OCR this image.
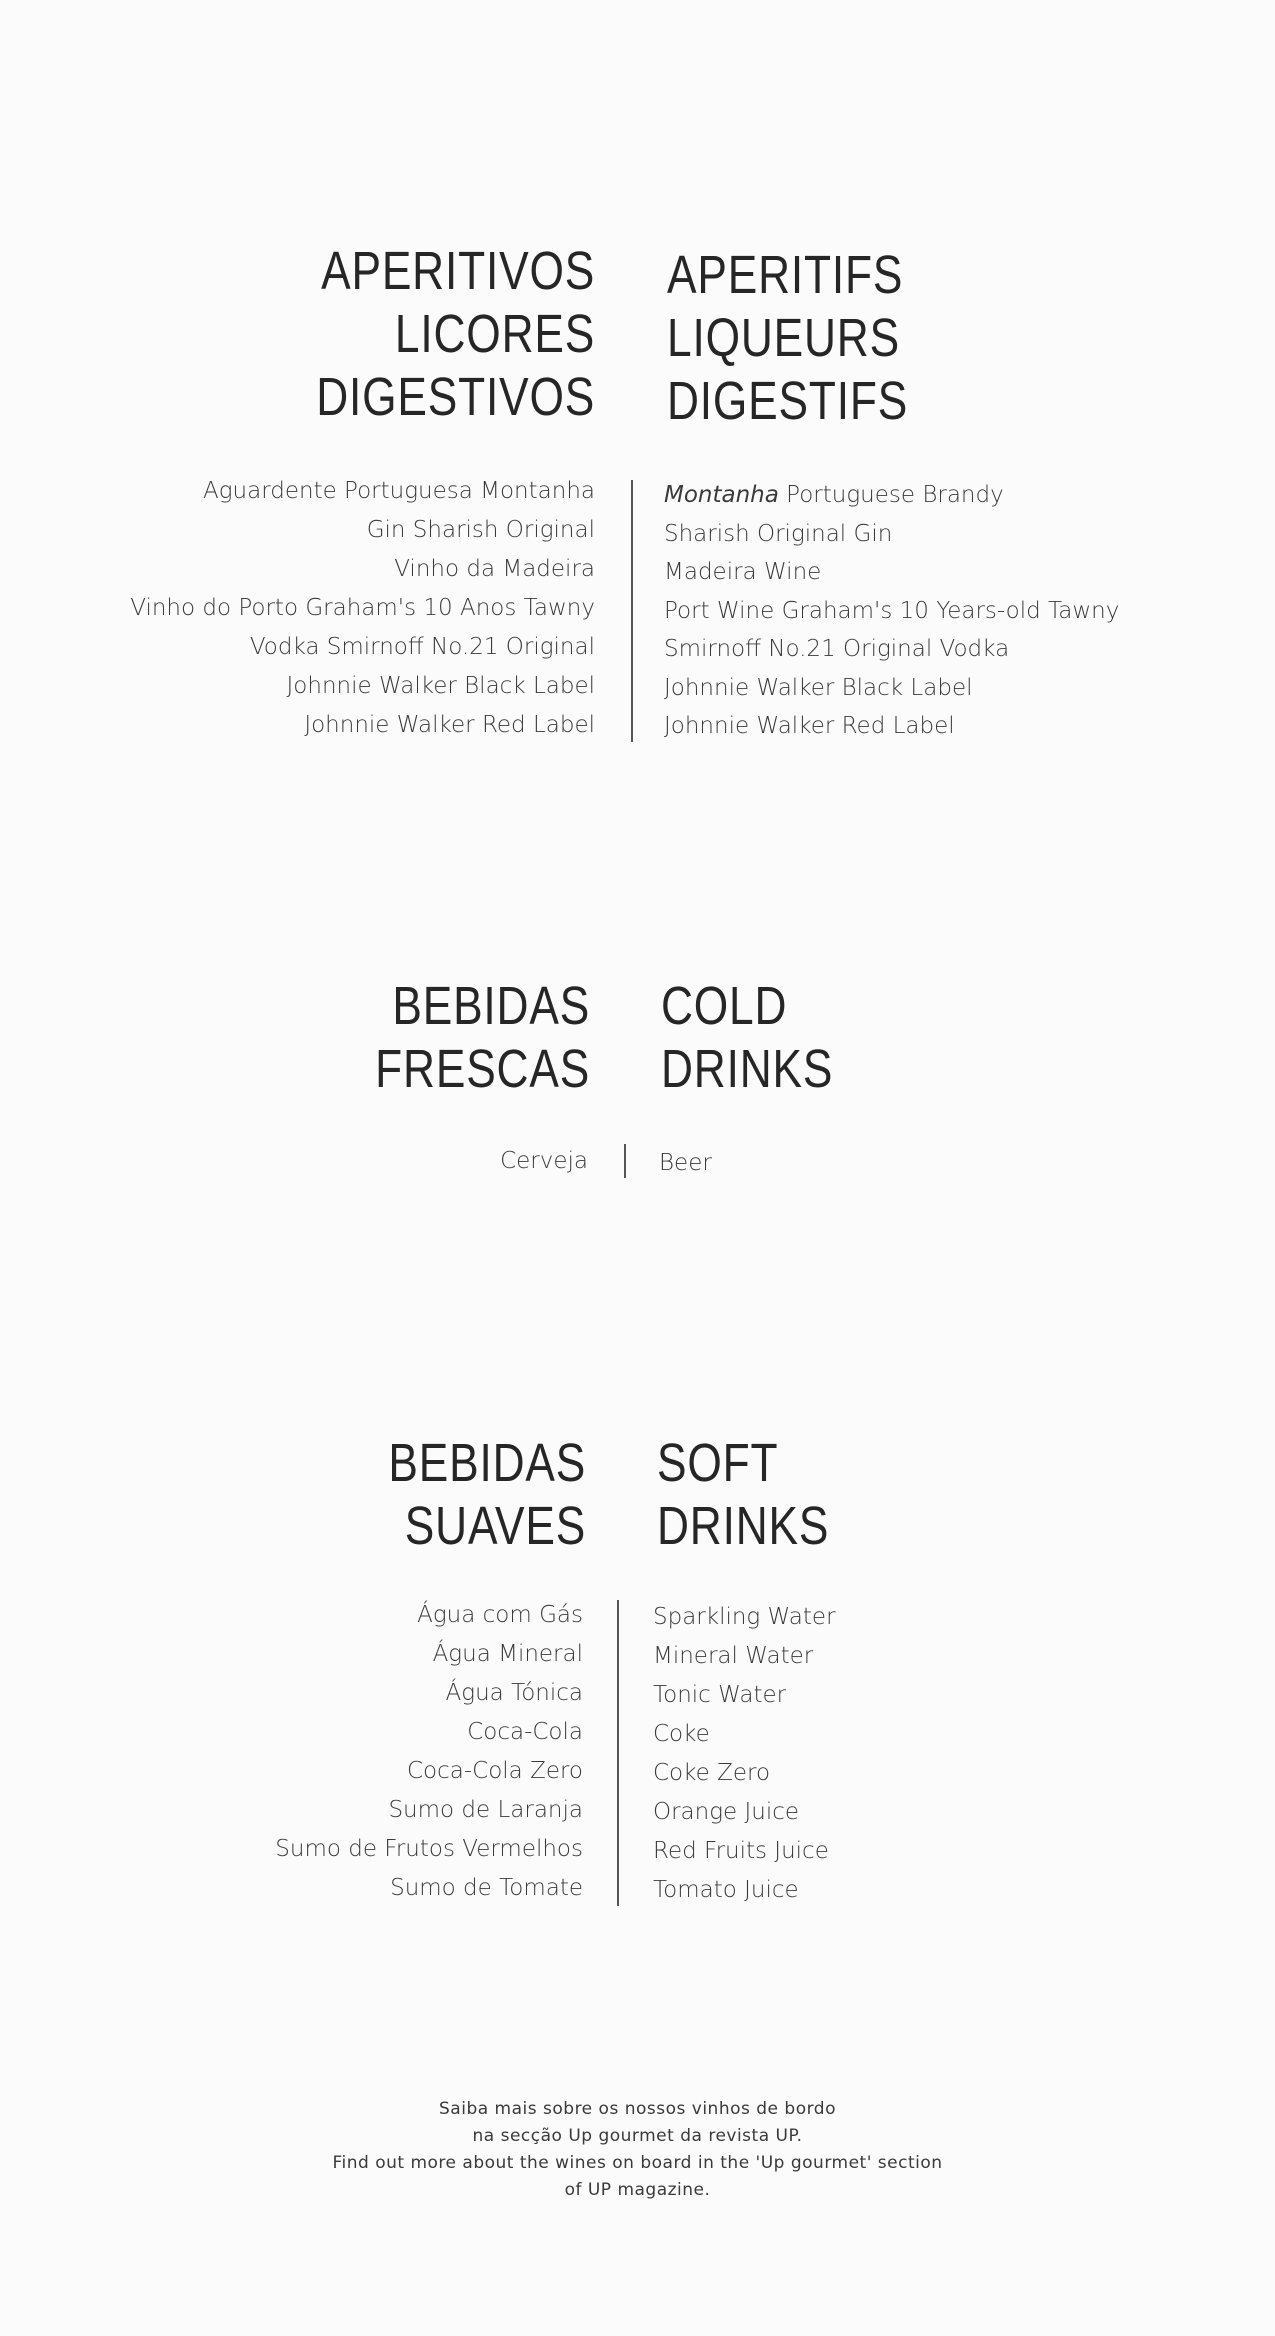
APERITIVOS
LICORES
DIGESTIVOS
APERITIFS
LIQUEURS
DIGESTIFS
Aguardente Portuguesa Montanha
Gin Sharish Original
Vinho da Madeira
Vinho do Porto Graham's 10 Anos Tawny
Vodka Smirnoff No.21 Original
Johnnie Walker Black Label
Johnnie Walker Red Label
Montanha Portuguese Brandy
Sharish Original Gin
Madeira Wine
Port Wine Graham's 10 Years-old Tawny
Smirnoff No.21 Original Vodka
Johnnie Walker Black Label
Johnnie Walker Red Label
BEBIDAS
FRESCAS
COLD
DRINKS
Cerveja	Beer
BEBIDAS
SUAVES
SOFT
DRINKS
Água com Gás
Água Mineral
Água Tónica
Coca-Cola
Coca-Cola Zero
Sumo de Laranja
Sumo de Frutos Vermelhos
Sumo de Tomate
Sparkling Water
Mineral Water
Tonic Water
Coke
Coke Zero
Orange Juice
Red Fruits Juice
Tomato Juice
Saiba mais sobre os nossos vinhos de bordo
na secção Up gourmet da revista UP.
Find out more about the wines on board in the 'Up gourmet' section
of UP magazine.
